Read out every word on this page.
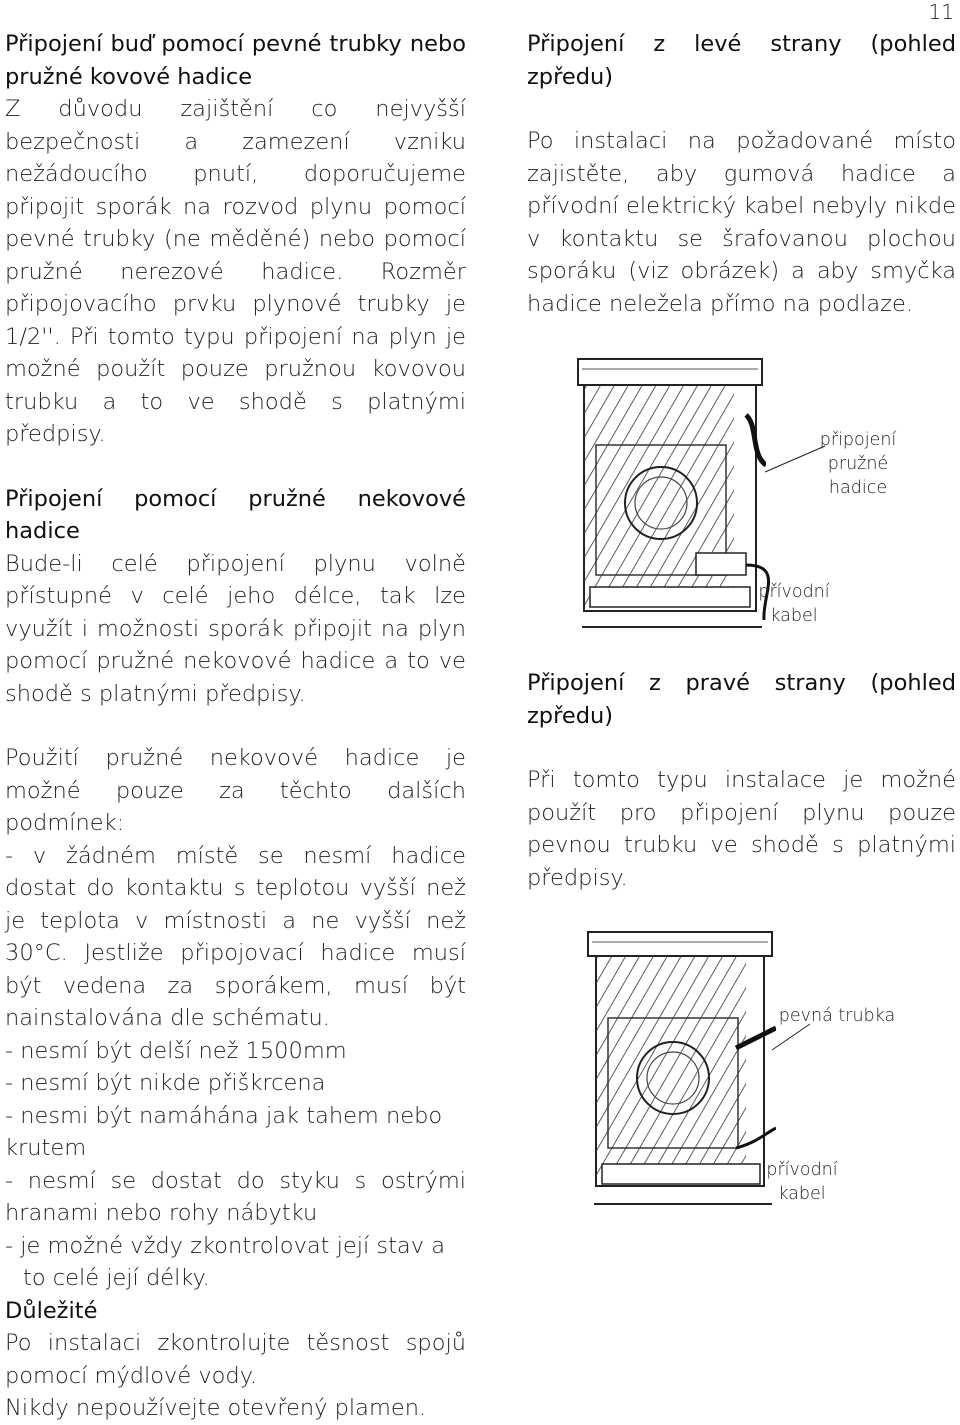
11

Připojení buď pomocí pevné trubky nebo pružné kovové hadice

Z důvodu zajištění co nejvyšší bezpečnosti a zamezení vzniku nežádoucího pnutí, doporučujeme připojit sporák na rozvod plynu pomocí pevné trubky (ne měděné) nebo pomocí pružné nerezové hadice. Rozměr připojovacího prvku plynové trubky je 1/2''. Při tomto typu připojení na plyn je možné použít pouze pružnou kovovou trubku a to ve shodě s platnými předpisy.

Připojení pomocí pružné nekovové hadice

Bude-li celé připojení plynu volně přístupné v celé jeho délce, tak lze využít i možnosti sporák připojit na plyn pomocí pružné nekovové hadice a to ve shodě s platnými předpisy.

Použití pružné nekovové hadice je možné pouze za těchto dalších podmínek:

- v žádném místě se nesmí hadice dostat do kontaktu s teplotou vyšší než je teplota v místnosti a ne vyšší než 30°C. Jestliže připojovací hadice musí být vedena za sporákem, musí být nainstalována dle schématu.

- nesmí být delší než 1500mm

- nesmí být nikde přiškrcena

- nesmi být namáhána jak tahem nebo krutem

- nesmí se dostat do styku s ostrými hranami nebo rohy nábytku

- je možné vždy zkontrolovat její stav a to celé její délky.

Důležité

Po instalaci zkontrolujte těsnost spojů pomocí mýdlové vody.

Nikdy nepoužívejte otevřený plamen.

Připojení z levé strany (pohled zpředu)

Po instalaci na požadované místo zajistěte, aby gumová hadice a přívodní elektrický kabel nebyly nikde v kontaktu se šrafovanou plochou sporáku (viz obrázek) a aby smyčka hadice neležela přímo na podlaze.

připojení
pružné
hadice
přívodní
kabel

Připojení z pravé strany (pohled zpředu)

Při tomto typu instalace je možné použít pro připojení plynu pouze pevnou trubku ve shodě s platnými předpisy.

pevná trubka
přívodní
kabel
